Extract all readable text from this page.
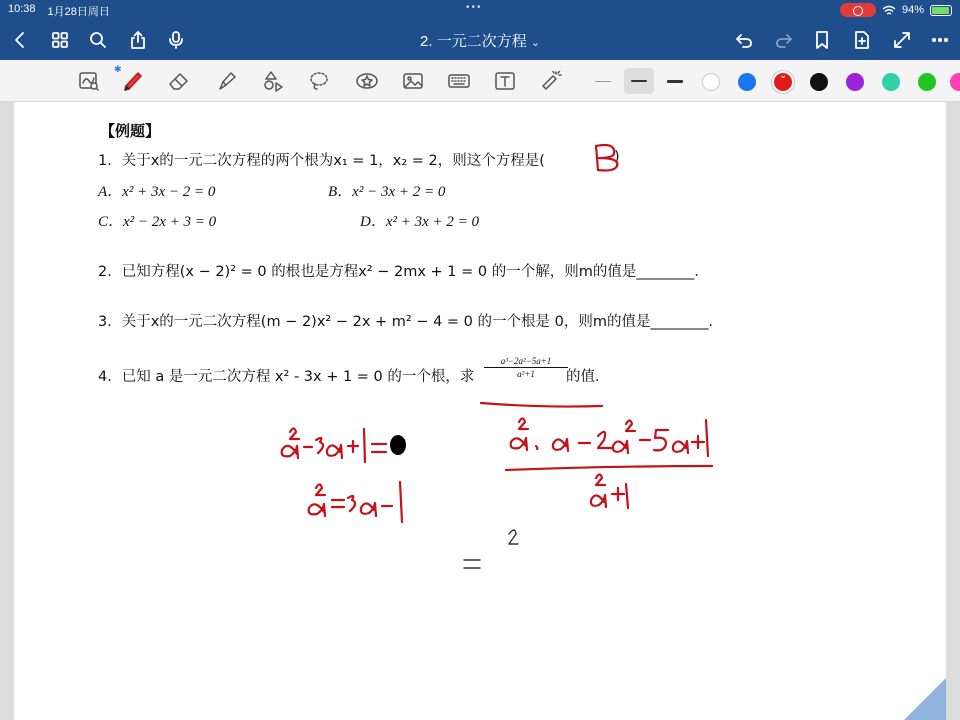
10:38 1月28日周日	•••	94%
2. 一元二次方程 ⌄
✱
⌄
【例题】
1．关于x的一元二次方程的两个根为x₁ = 1，x₂ = 2，则这个方程是(	)
A．x² + 3x − 2 = 0	B．x² − 3x + 2 = 0
C．x² − 2x + 3 = 0	D．x² + 3x + 2 = 0
2．已知方程(x − 2)² = 0 的根也是方程x² − 2mx + 1 = 0 的一个解，则m的值是________．
3．关于x的一元二次方程(m − 2)x² − 2x + m² − 4 = 0 的一个根是 0，则m的值是________．
4．已知 a 是一元二次方程 x² - 3x + 1 = 0 的一个根，求 $\frac{\text{a³−2a²−5a+1}}{\text{a²+1}}$
的值．
